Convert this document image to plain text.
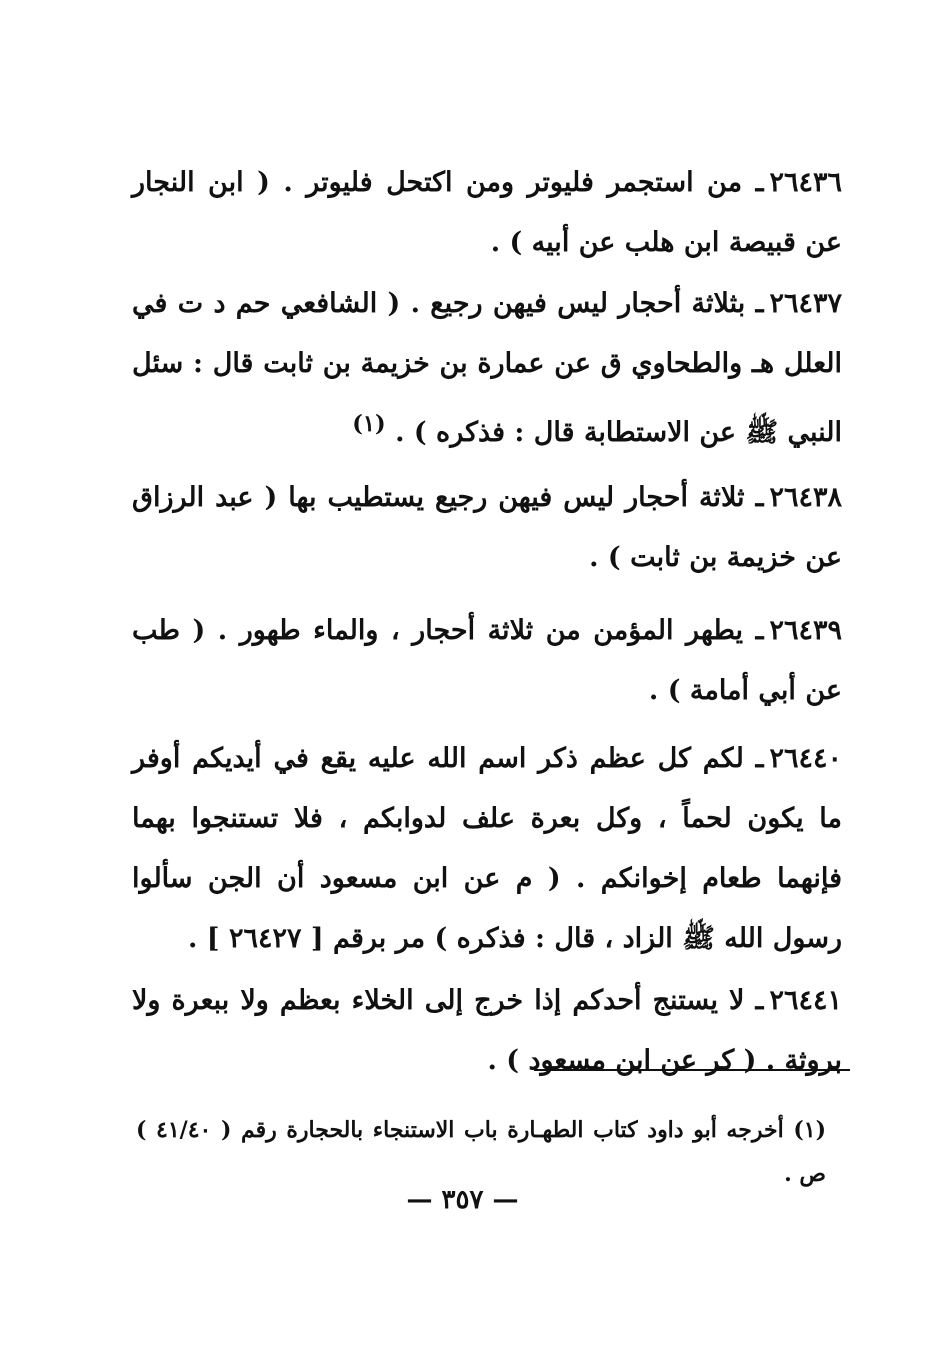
٢٦٤٣٦ـ من استجمر فليوتر ومن اكتحل فليوتر . ( ابن النجار عن قبيصة ابن هلب عن أبيه ) .

٢٦٤٣٧ـ بثلاثة أحجار ليس فيهن رجيع . ( الشافعي حم د ت في العلل هـ والطحاوي ق عن عمارة بن خزيمة بن ثابت قال : سئل النبي ﷺ عن الاستطابة قال : فذكره ) . $^{(١)}$

٢٦٤٣٨ـ ثلاثة أحجار ليس فيهن رجيع يستطيب بها ( عبد الرزاق عن خزيمة بن ثابت ) .

٢٦٤٣٩ـ يطهر المؤمن من ثلاثة أحجار ، والماء طهور . ( طب عن أبي أمامة ) .

٢٦٤٤٠ـ لكم كل عظم ذكر اسم الله عليه يقع في أيديكم أوفر ما يكون لحماً ، وكل بعرة علف لدوابكم ، فلا تستنجوا بهما فإنهما طعام إخوانكم . ( م عن ابن مسعود أن الجن سألوا رسول الله ﷺ الزاد ، قال : فذكره ) مر برقم [ ٢٦٤٢٧ ] .

٢٦٤٤١ـ لا يستنج أحدكم إذا خرج إلى الخلاء بعظم ولا ببعرة ولا بروثة . ( كر عن ابن مسعود ) .

(١) أخرجه أبو داود كتاب الطهـارة باب الاستنجاء بالحجارة رقم ( ٤١/٤٠ ) ص .

— ٣٥٧ —
